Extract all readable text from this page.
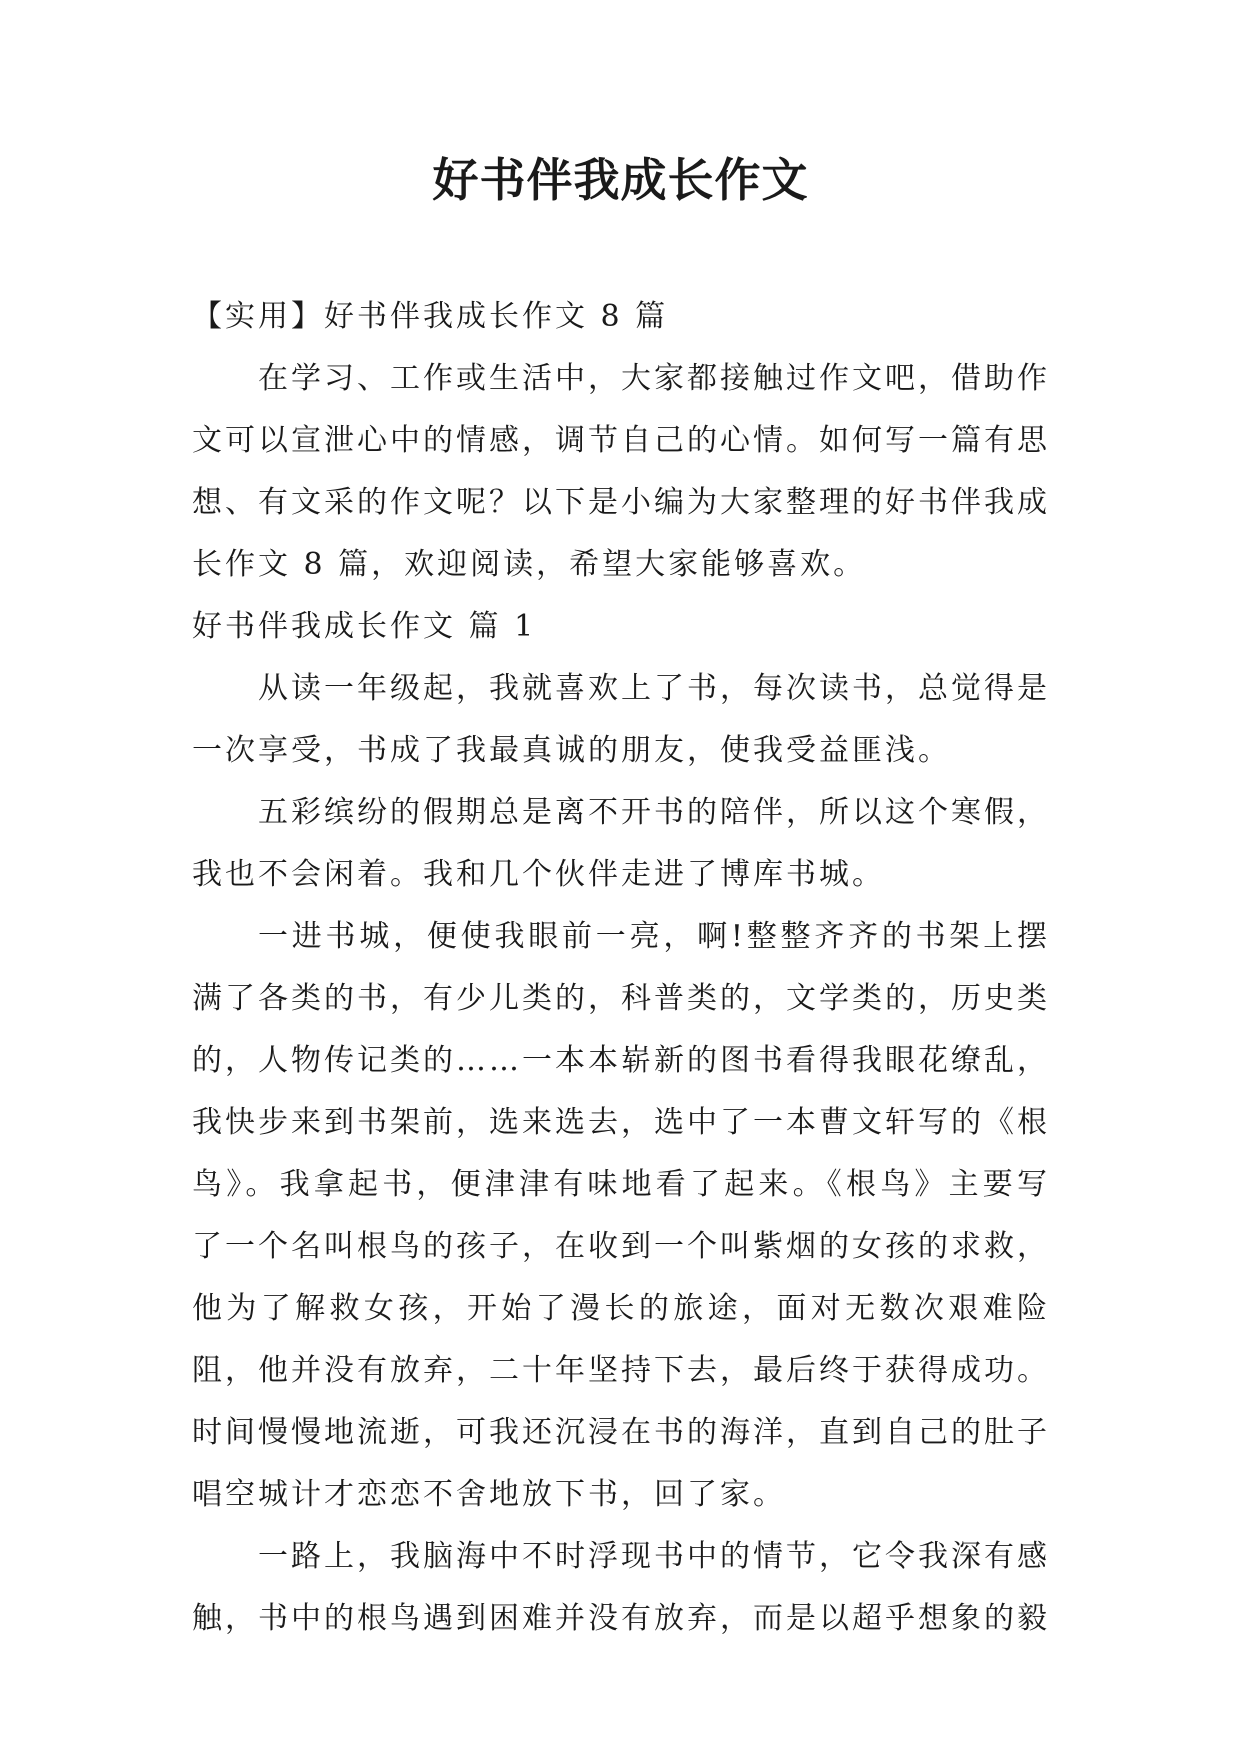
好书伴我成长作文

【实用】好书伴我成长作文 8 篇

在学习、工作或生活中，大家都接触过作文吧，借助作文可以宣泄心中的情感，调节自己的心情。如何写一篇有思想、有文采的作文呢？以下是小编为大家整理的好书伴我成长作文 8 篇，欢迎阅读，希望大家能够喜欢。

好书伴我成长作文 篇 1

从读一年级起，我就喜欢上了书，每次读书，总觉得是一次享受，书成了我最真诚的朋友，使我受益匪浅。

五彩缤纷的假期总是离不开书的陪伴，所以这个寒假，我也不会闲着。我和几个伙伴走进了博库书城。

一进书城，便使我眼前一亮，啊!整整齐齐的书架上摆满了各类的书，有少儿类的，科普类的，文学类的，历史类的，人物传记类的……一本本崭新的图书看得我眼花缭乱，我快步来到书架前，选来选去，选中了一本曹文轩写的《根鸟》。我拿起书，便津津有味地看了起来。《根鸟》主要写了一个名叫根鸟的孩子，在收到一个叫紫烟的女孩的求救，他为了解救女孩，开始了漫长的旅途，面对无数次艰难险阻，他并没有放弃，二十年坚持下去，最后终于获得成功。时间慢慢地流逝，可我还沉浸在书的海洋，直到自己的肚子唱空城计才恋恋不舍地放下书，回了家。

一路上，我脑海中不时浮现书中的情节，它令我深有感触，书中的根鸟遇到困难并没有放弃，而是以超乎想象的毅
